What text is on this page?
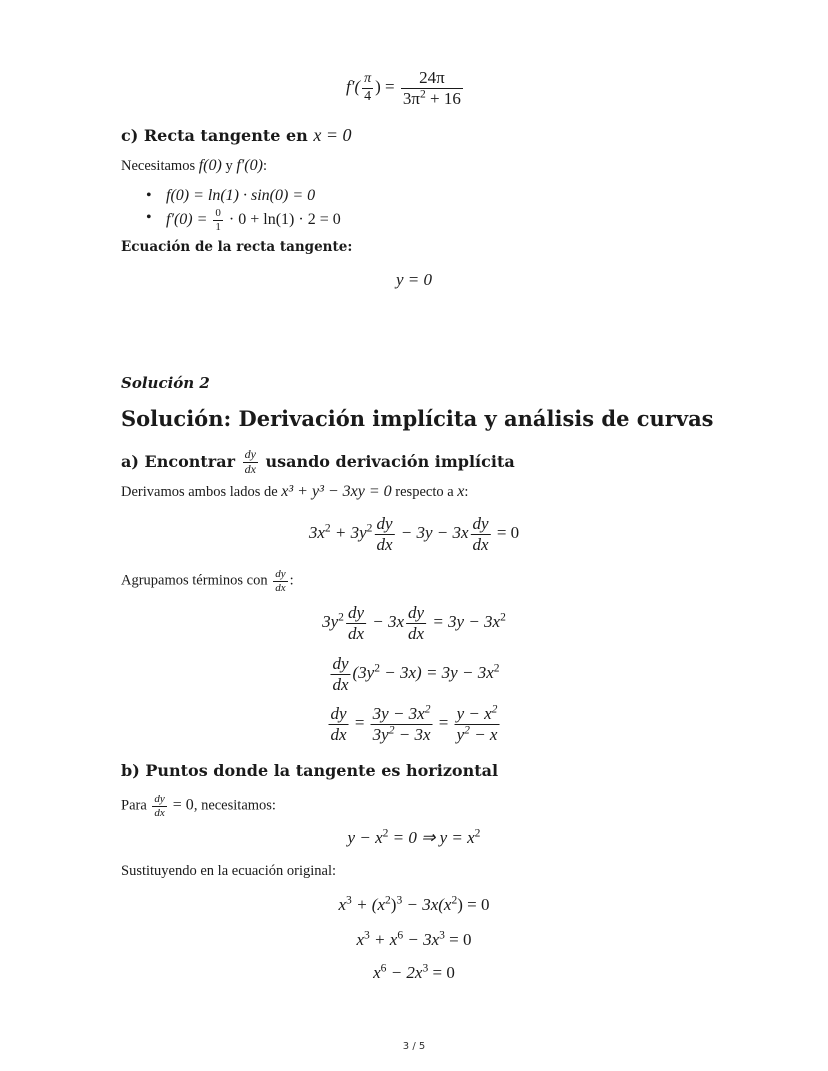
$f'( \frac{\pi}{4}$ ) = $\frac{24\pi}{3\pi^2 + 16}$
c) Recta tangente en x = 0
Necesitamos f(0) y f′(0):
• f(0) = ln(1) · sin(0) = 0
• $f'(0) = \frac{0}{1} \cdot 0 + \ln(1) \cdot 2 = 0$
Ecuación de la recta tangente:
y = 0
Solución 2
Solución: Derivación implícita y análisis de curvas
a) Encontrar $\frac{dy}{dx}$ usando derivación implícita
Derivamos ambos lados de x³ + y³ − 3xy = 0 respecto a x:
$3x^2 + 3y^2 \frac{dy}{dx} - 3y - 3x \frac{dy}{dx} = 0$
Agrupamos términos con $\frac{dy}{dx}$ :
$3y^2 \frac{dy}{dx} - 3x \frac{dy}{dx} = 3y - 3x^2$
$\frac{dy}{dx} (3y^2 - 3x) = 3y - 3x^2$
$\frac{dy}{dx} = \frac{3y - 3x^2}{3y^2 - 3x} = \frac{y - x^2}{y^2 - x}$
b) Puntos donde la tangente es horizontal
Para $\frac{dy}{dx} = 0$, necesitamos:
$y - x^2 = 0$ ⇒ $y = x^2$
Sustituyendo en la ecuación original:
$x^3 + (x^2)^3 - 3x(x^2) = 0$
$x^3 + x^6 - 3x^3 = 0$
$x^6 - 2x^3 = 0$
3 / 5
